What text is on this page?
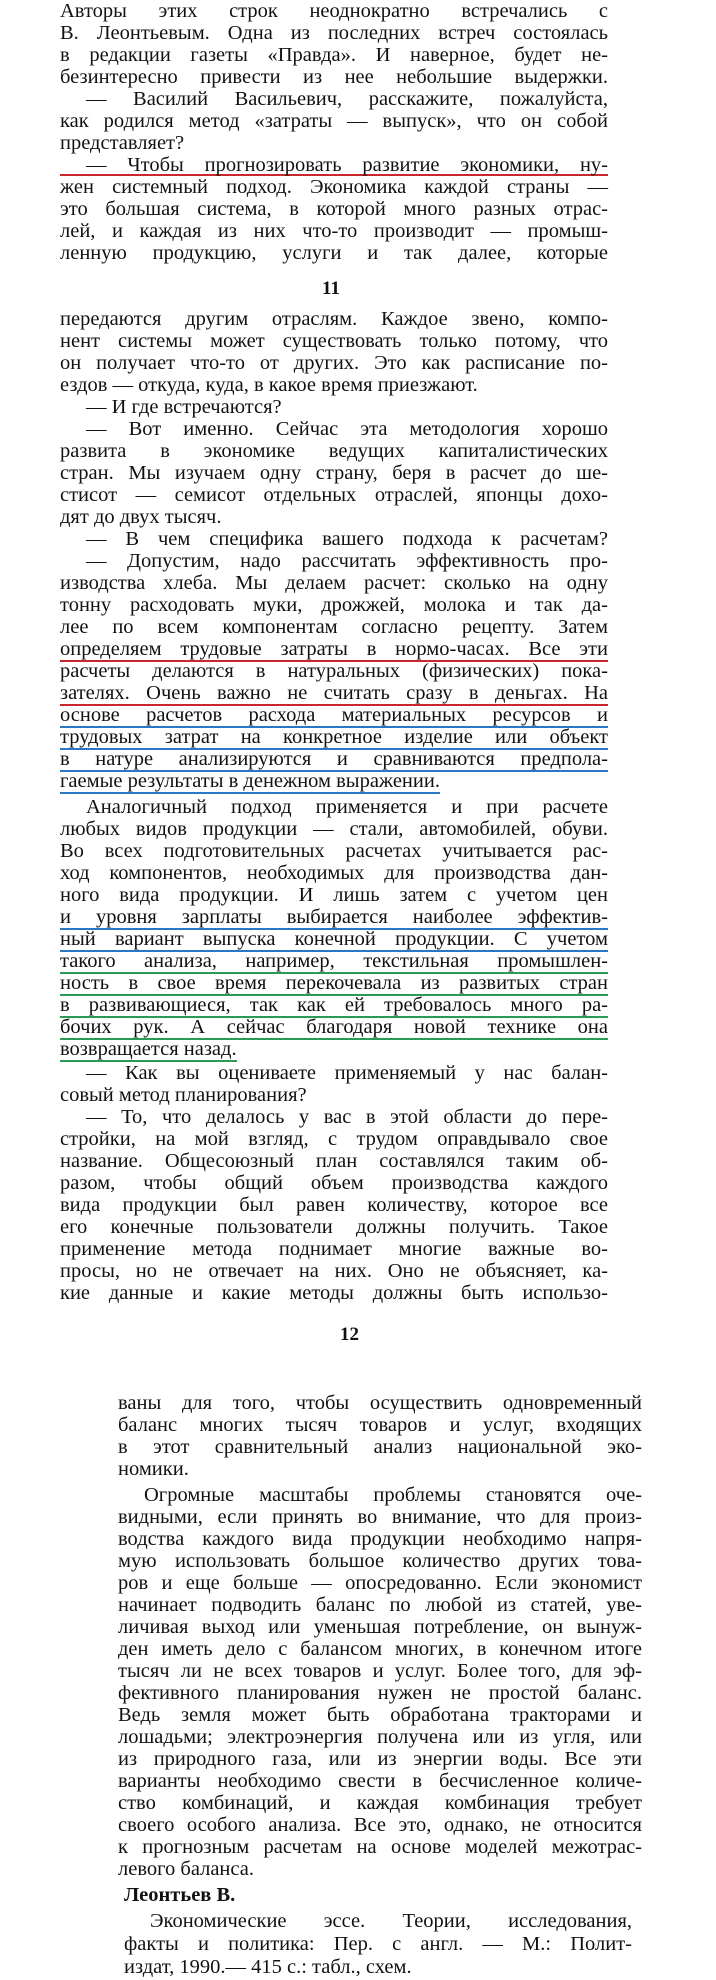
Авторы этих строк неоднократно встречались с
В. Леонтьевым. Одна из последних встреч состоялась
в редакции газеты «Правда». И наверное, будет не-
безинтересно привести из нее небольшие выдержки.
— Василий Васильевич, расскажите, пожалуйста,
как родился метод «затраты — выпуск», что он собой
представляет?
— Чтобы прогнозировать развитие экономики, ну-
жен системный подход. Экономика каждой страны —
это большая система, в которой много разных отрас-
лей, и каждая из них что-то производит — промыш-
ленную продукцию, услуги и так далее, которые
11
передаются другим отраслям. Каждое звено, компо-
нент системы может существовать только потому, что
он получает что-то от других. Это как расписание по-
ездов — откуда, куда, в какое время приезжают.
— И где встречаются?
— Вот именно. Сейчас эта методология хорошо
развита в экономике ведущих капиталистических
стран. Мы изучаем одну страну, беря в расчет до ше-
стисот — семисот отдельных отраслей, японцы дохо-
дят до двух тысяч.
— В чем специфика вашего подхода к расчетам?
— Допустим, надо рассчитать эффективность про-
изводства хлеба. Мы делаем расчет: сколько на одну
тонну расходовать муки, дрожжей, молока и так да-
лее по всем компонентам согласно рецепту. Затем
определяем трудовые затраты в нормо-часах. Все эти
расчеты делаются в натуральных (физических) пока-
зателях. Очень важно не считать сразу в деньгах. На
основе расчетов расхода материальных ресурсов и
трудовых затрат на конкретное изделие или объект
в натуре анализируются и сравниваются предпола-
гаемые результаты в денежном выражении.
Аналогичный подход применяется и при расчете
любых видов продукции — стали, автомобилей, обуви.
Во всех подготовительных расчетах учитывается рас-
ход компонентов, необходимых для производства дан-
ного вида продукции. И лишь затем с учетом цен
и уровня зарплаты выбирается наиболее эффектив-
ный вариант выпуска конечной продукции. С учетом
такого анализа, например, текстильная промышлен-
ность в свое время перекочевала из развитых стран
в развивающиеся, так как ей требовалось много ра-
бочих рук. А сейчас благодаря новой технике она
возвращается назад.
— Как вы оцениваете применяемый у нас балан-
совый метод планирования?
— То, что делалось у вас в этой области до пере-
стройки, на мой взгляд, с трудом оправдывало свое
название. Общесоюзный план составлялся таким об-
разом, чтобы общий объем производства каждого
вида продукции был равен количеству, которое все
его конечные пользователи должны получить. Такое
применение метода поднимает многие важные во-
просы, но не отвечает на них. Оно не объясняет, ка-
кие данные и какие методы должны быть использо-
12
ваны для того, чтобы осуществить одновременный
баланс многих тысяч товаров и услуг, входящих
в этот сравнительный анализ национальной эко-
номики.
Огромные масштабы проблемы становятся оче-
видными, если принять во внимание, что для произ-
водства каждого вида продукции необходимо напря-
мую использовать большое количество других това-
ров и еще больше — опосредованно. Если экономист
начинает подводить баланс по любой из статей, уве-
личивая выход или уменьшая потребление, он вынуж-
ден иметь дело с балансом многих, в конечном итоге
тысяч ли не всех товаров и услуг. Более того, для эф-
фективного планирования нужен не простой баланс.
Ведь земля может быть обработана тракторами и
лошадьми; электроэнергия получена или из угля, или
из природного газа, или из энергии воды. Все эти
варианты необходимо свести в бесчисленное количе-
ство комбинаций, и каждая комбинация требует
своего особого анализа. Все это, однако, не относится
к прогнозным расчетам на основе моделей межотрас-
левого баланса.
Леонтьев В.
Экономические эссе. Теории, исследования,
факты и политика: Пер. с англ. — М.: Полит-
издат, 1990.— 415 с.: табл., схем.
